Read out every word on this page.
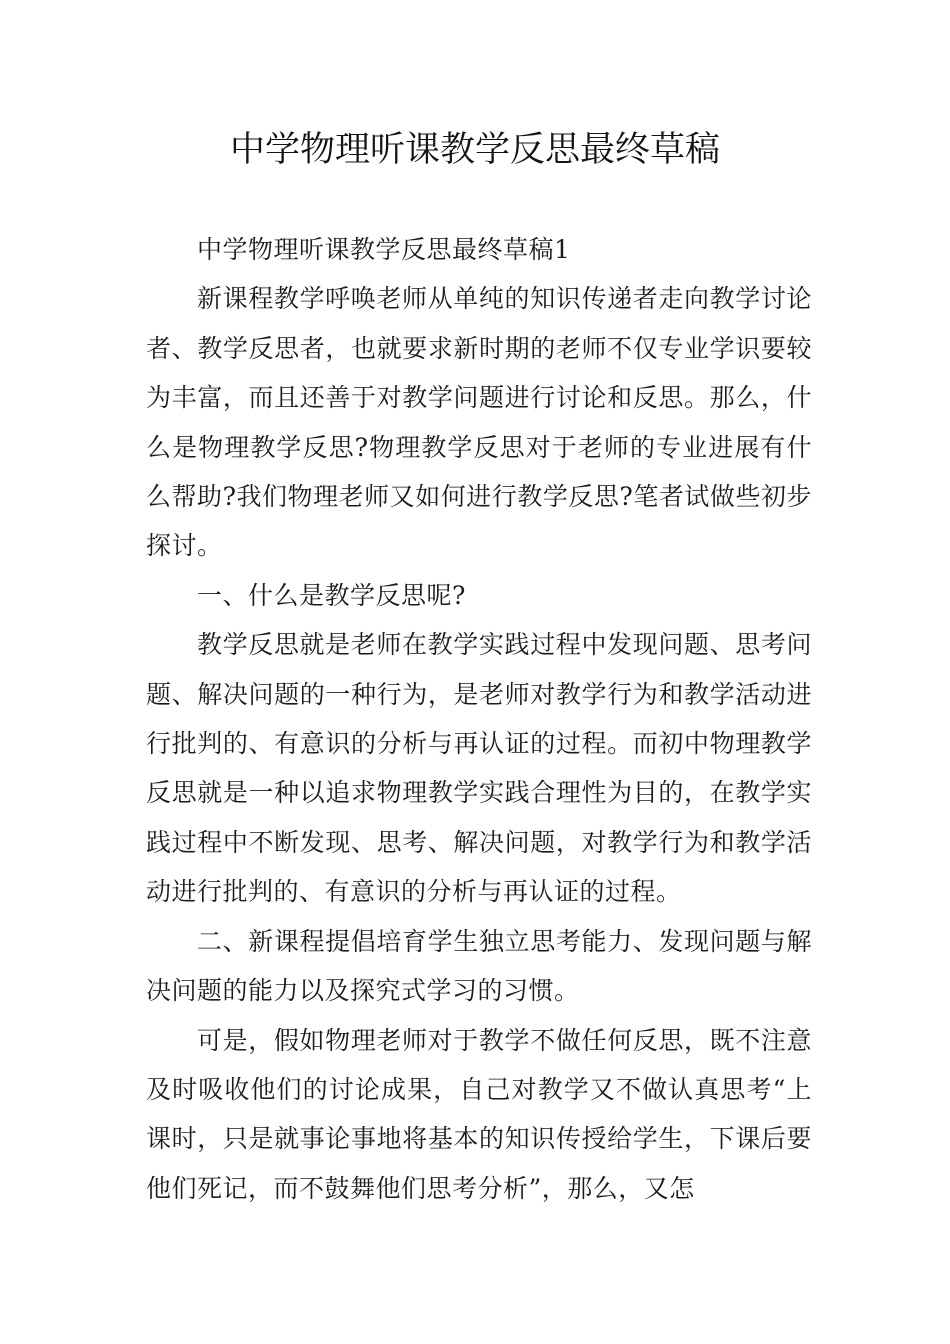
中学物理听课教学反思最终草稿

中学物理听课教学反思最终草稿1

新课程教学呼唤老师从单纯的知识传递者走向教学讨论者、教学反思者，也就要求新时期的老师不仅专业学识要较为丰富，而且还善于对教学问题进行讨论和反思。那么，什么是物理教学反思?物理教学反思对于老师的专业进展有什么帮助?我们物理老师又如何进行教学反思?笔者试做些初步探讨。

一、什么是教学反思呢?

教学反思就是老师在教学实践过程中发现问题、思考问题、解决问题的一种行为，是老师对教学行为和教学活动进行批判的、有意识的分析与再认证的过程。而初中物理教学反思就是一种以追求物理教学实践合理性为目的，在教学实践过程中不断发现、思考、解决问题，对教学行为和教学活动进行批判的、有意识的分析与再认证的过程。

二、新课程提倡培育学生独立思考能力、发现问题与解决问题的能力以及探究式学习的习惯。

可是，假如物理老师对于教学不做任何反思，既不注意及时吸收他们的讨论成果，自己对教学又不做认真思考“上课时，只是就事论事地将基本的知识传授给学生，下课后要他们死记，而不鼓舞他们思考分析”，那么，又怎
